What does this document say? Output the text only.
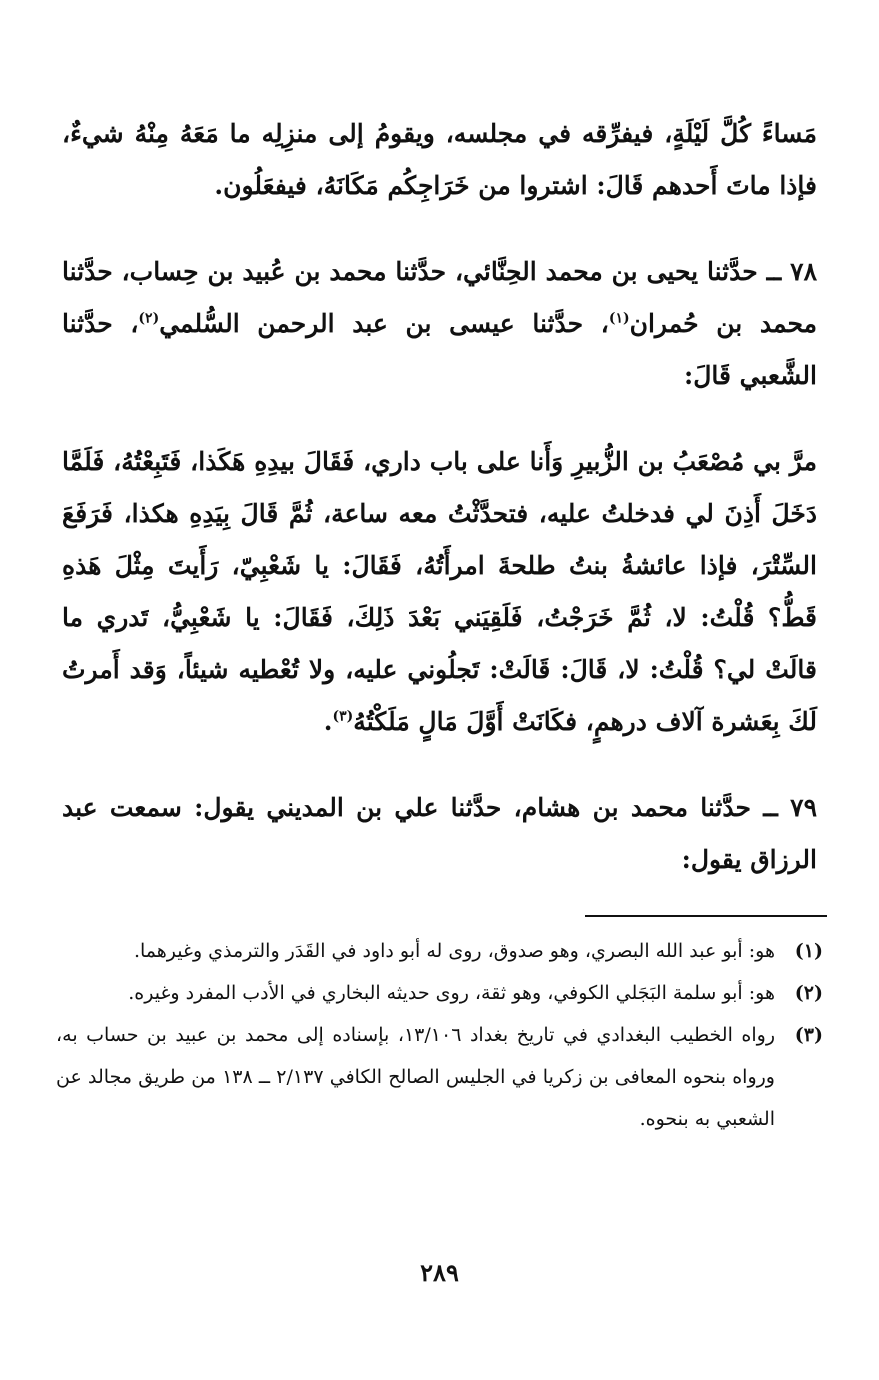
مَساءً كُلَّ لَيْلَةٍ، فيفرِّقه في مجلسه، ويقومُ إلى منزِلِه ما مَعَهُ مِنْهُ شيءٌ، فإذا ماتَ أَحدهم قَالَ: اشتروا من خَرَاجِكُم مَكَانَهُ، فيفعَلُون.

٧٨ ــ حدَّثنا يحيى بن محمد الحِنَّائي، حدَّثنا محمد بن عُبيد بن حِساب، حدَّثنا محمد بن حُمران$^{(١)}$، حدَّثنا عيسى بن عبد الرحمن السُّلمي$^{(٢)}$، حدَّثنا الشَّعبي قَالَ:

مرَّ بي مُصْعَبُ بن الزُّبيرِ وَأَنا على باب داري، فَقَالَ بيدِهِ هَكَذا، فَتَبِعْتُهُ، فَلَمَّا دَخَلَ أَذِنَ لي فدخلتُ عليه، فتحدَّثْتُ معه ساعة، ثُمَّ قَالَ بِيَدِهِ هكذا، فَرَفَعَ السِّتْرَ، فإذا عائشةُ بنتُ طلحةَ امرأَتُهُ، فَقَالَ: يا شَعْبِيّ، رَأَيتَ مِثْلَ هَذهِ قَطُّ؟ قُلْتُ: لا، ثُمَّ خَرَجْتُ، فَلَقِيَني بَعْدَ ذَلِكَ، فَقَالَ: يا شَعْبِيُّ، تَدري ما قالَتْ لي؟ قُلْتُ: لا، قَالَ: قَالَتْ: تَجلُوني عليه، ولا تُعْطيه شيئاً، وَقد أَمرتُ لَكَ بِعَشرة آلاف درهمٍ، فكَانَتْ أَوَّلَ مَالٍ مَلَكْتُهُ$^{(٣)}$.

٧٩ ــ حدَّثنا محمد بن هشام، حدَّثنا علي بن المديني يقول: سمعت عبد الرزاق يقول:

(١)
هو: أبو عبد الله البصري، وهو صدوق، روى له أبو داود في القَدَر والترمذي وغيرهما.
(٢)
هو: أبو سلمة البَجَلي الكوفي، وهو ثقة، روى حديثه البخاري في الأدب المفرد وغيره.
(٣)
رواه الخطيب البغدادي في تاريخ بغداد ١٣/١٠٦، بإسناده إلى محمد بن عبيد بن حساب به، ورواه بنحوه المعافى بن زكريا في الجليس الصالح الكافي ٢/١٣٧ ــ ١٣٨ من طريق مجالد عن الشعبي به بنحوه.
٢٨٩
